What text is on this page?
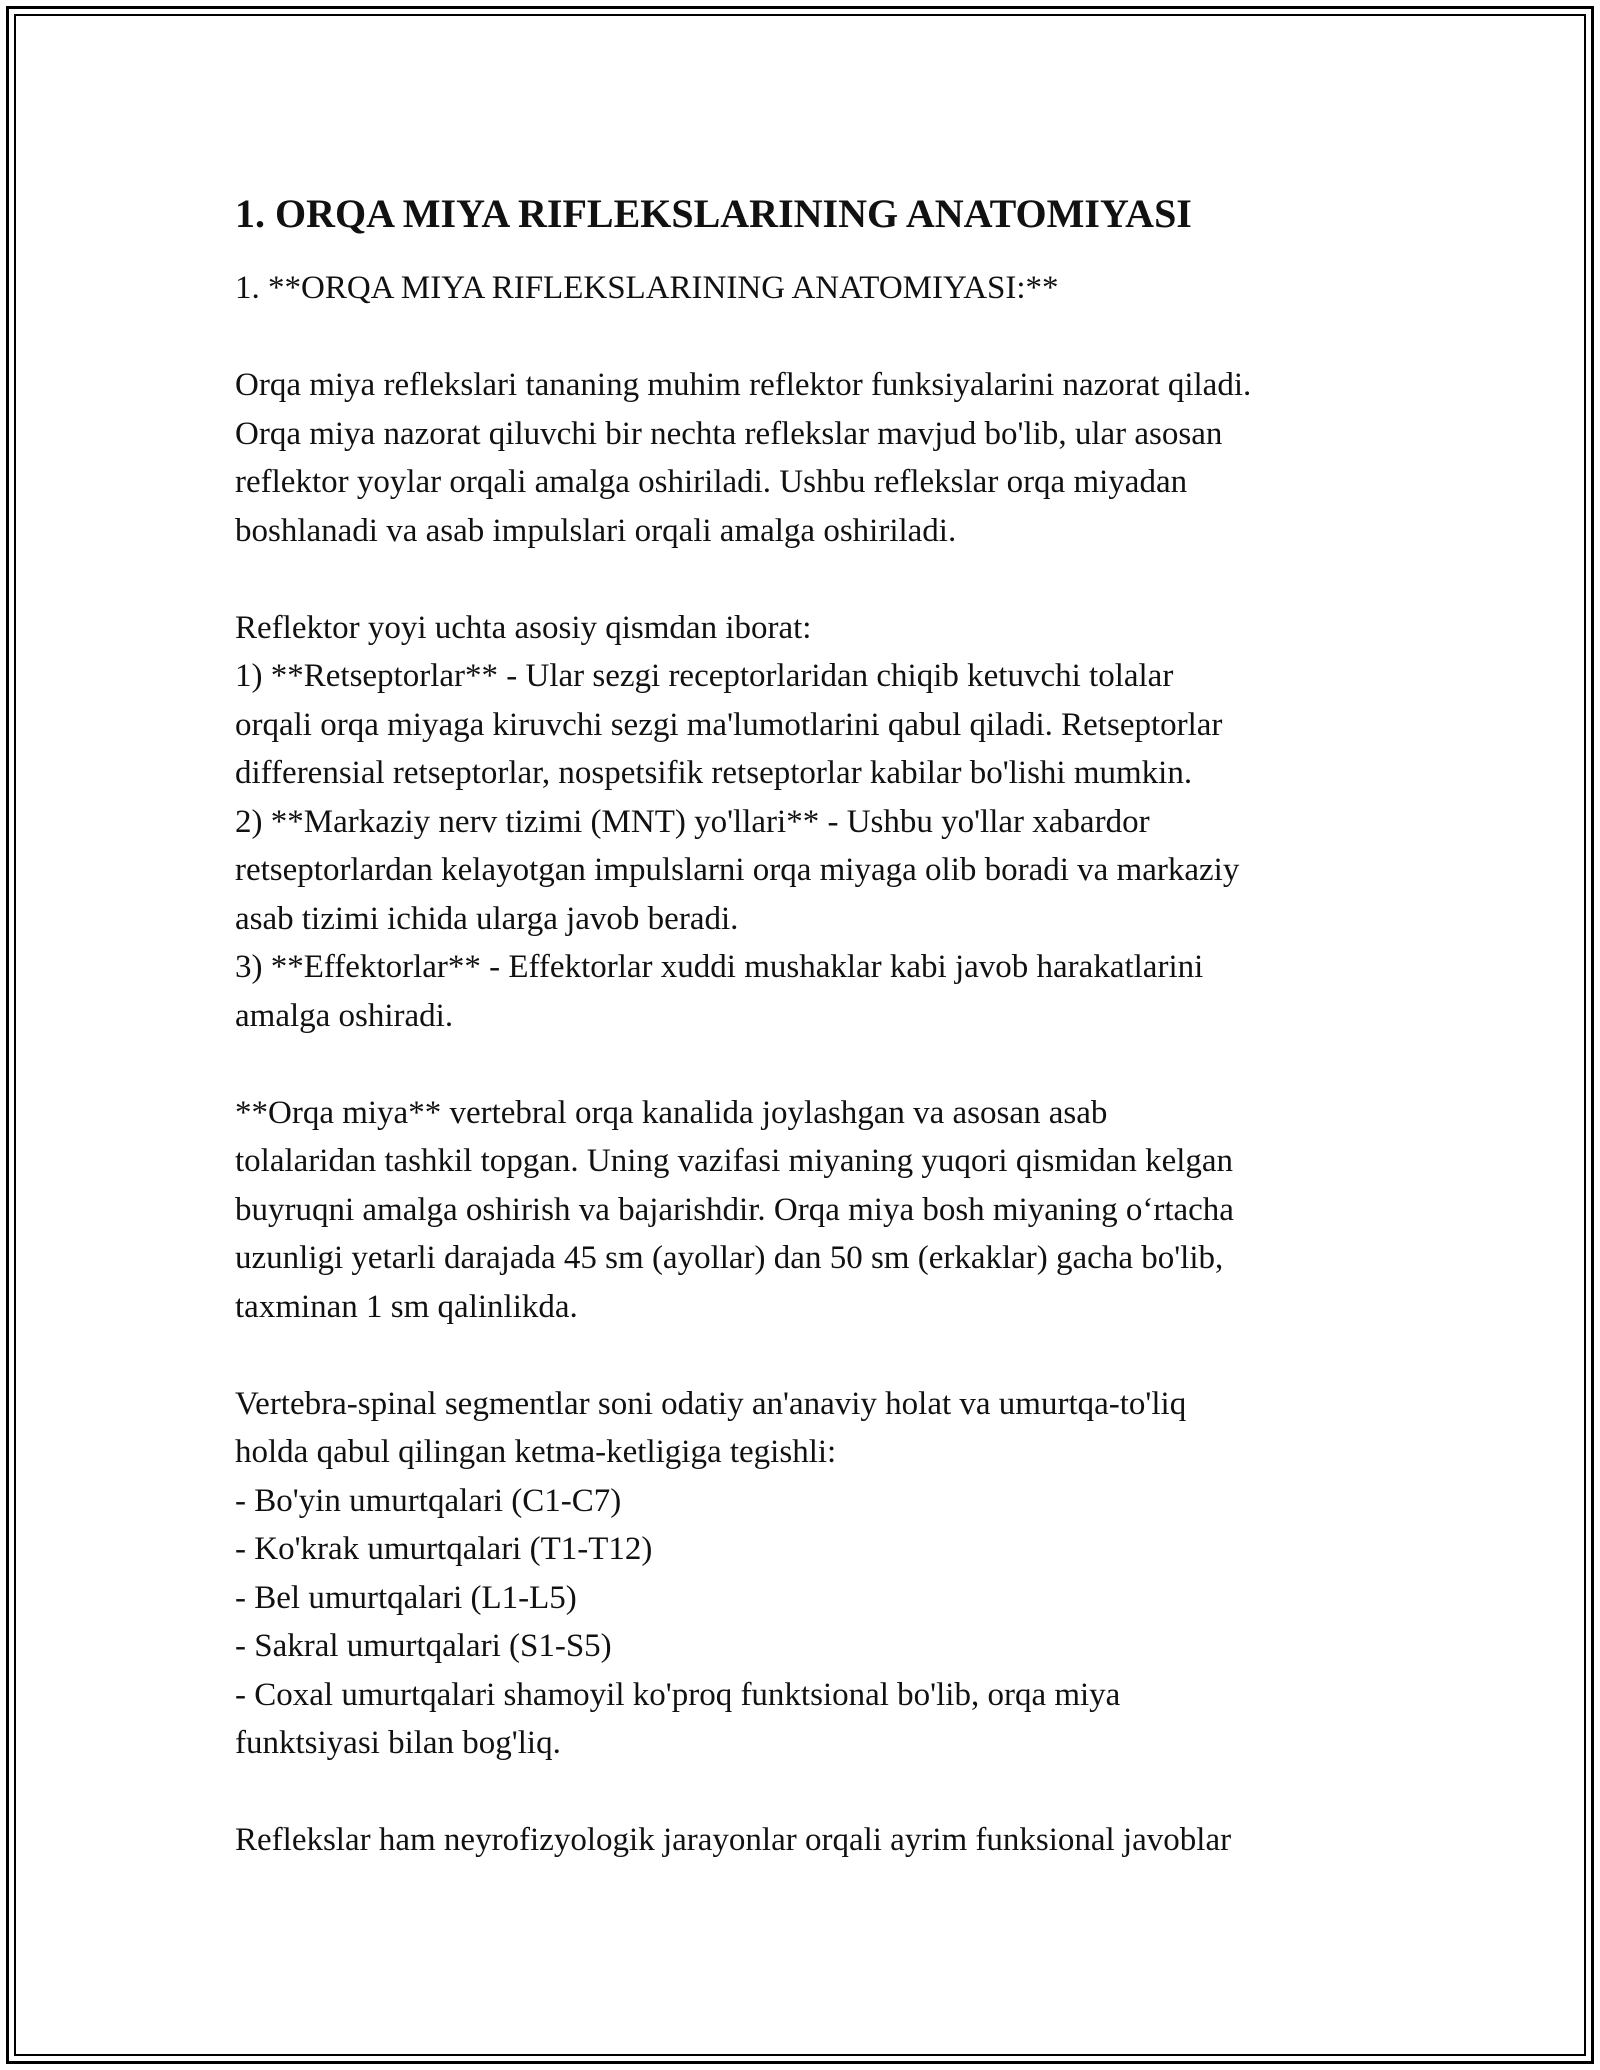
1. ORQA MIYA RIFLEKSLARINING ANATOMIYASI

1. **ORQA MIYA RIFLEKSLARINING ANATOMIYASI:**

Orqa miya reflekslari tananing muhim reflektor funksiyalarini nazorat qiladi.
Orqa miya nazorat qiluvchi bir nechta reflekslar mavjud bo'lib, ular asosan
reflektor yoylar orqali amalga oshiriladi. Ushbu reflekslar orqa miyadan
boshlanadi va asab impulslari orqali amalga oshiriladi.
Reflektor yoyi uchta asosiy qismdan iborat:
1) **Retseptorlar** - Ular sezgi receptorlaridan chiqib ketuvchi tolalar
orqali orqa miyaga kiruvchi sezgi ma'lumotlarini qabul qiladi. Retseptorlar
differensial retseptorlar, nospetsifik retseptorlar kabilar bo'lishi mumkin.
2) **Markaziy nerv tizimi (MNT) yo'llari** - Ushbu yo'llar xabardor
retseptorlardan kelayotgan impulslarni orqa miyaga olib boradi va markaziy
asab tizimi ichida ularga javob beradi.
3) **Effektorlar** - Effektorlar xuddi mushaklar kabi javob harakatlarini
amalga oshiradi.
**Orqa miya** vertebral orqa kanalida joylashgan va asosan asab
tolalaridan tashkil topgan. Uning vazifasi miyaning yuqori qismidan kelgan
buyruqni amalga oshirish va bajarishdir. Orqa miya bosh miyaning o‘rtacha
uzunligi yetarli darajada 45 sm (ayollar) dan 50 sm (erkaklar) gacha bo'lib,
taxminan 1 sm qalinlikda.
Vertebra-spinal segmentlar soni odatiy an'anaviy holat va umurtqa-to'liq
holda qabul qilingan ketma-ketligiga tegishli:
- Bo'yin umurtqalari (C1-C7)
- Ko'krak umurtqalari (T1-T12)
- Bel umurtqalari (L1-L5)
- Sakral umurtqalari (S1-S5)
- Coxal umurtqalari shamoyil ko'proq funktsional bo'lib, orqa miya
funktsiyasi bilan bog'liq.
Reflekslar ham neyrofizyologik jarayonlar orqali ayrim funksional javoblar
